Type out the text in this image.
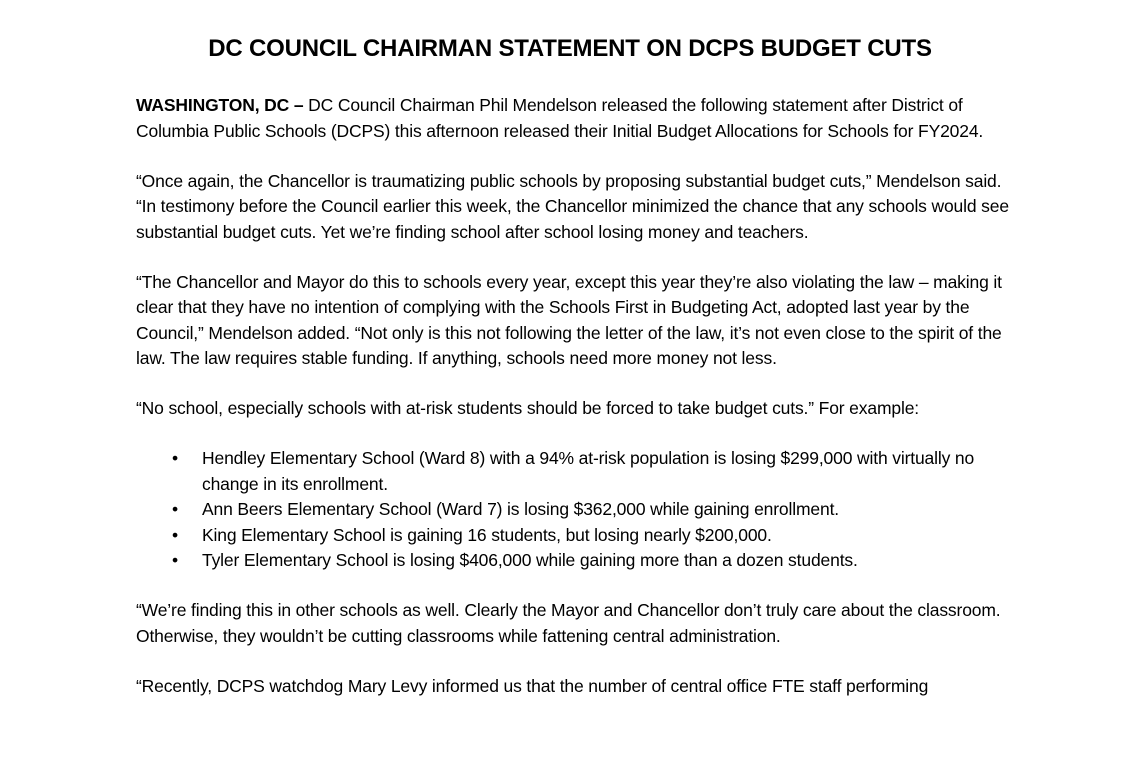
DC COUNCIL CHAIRMAN STATEMENT ON DCPS BUDGET CUTS

WASHINGTON, DC – DC Council Chairman Phil Mendelson released the following statement after District of Columbia Public Schools (DCPS) this afternoon released their Initial Budget Allocations for Schools for FY2024.

“Once again, the Chancellor is traumatizing public schools by proposing substantial budget cuts,” Mendelson said. “In testimony before the Council earlier this week, the Chancellor minimized the chance that any schools would see substantial budget cuts. Yet we’re finding school after school losing money and teachers.

“The Chancellor and Mayor do this to schools every year, except this year they’re also violating the law – making it clear that they have no intention of complying with the Schools First in Budgeting Act, adopted last year by the Council,” Mendelson added. “Not only is this not following the letter of the law, it’s not even close to the spirit of the law. The law requires stable funding. If anything, schools need more money not less.

“No school, especially schools with at-risk students should be forced to take budget cuts.” For example:

• Hendley Elementary School (Ward 8) with a 94% at-risk population is losing $299,000 with virtually no change in its enrollment.
• Ann Beers Elementary School (Ward 7) is losing $362,000 while gaining enrollment.
• King Elementary School is gaining 16 students, but losing nearly $200,000.
• Tyler Elementary School is losing $406,000 while gaining more than a dozen students.

“We’re finding this in other schools as well. Clearly the Mayor and Chancellor don’t truly care about the classroom. Otherwise, they wouldn’t be cutting classrooms while fattening central administration.

“Recently, DCPS watchdog Mary Levy informed us that the number of central office FTE staff performing
